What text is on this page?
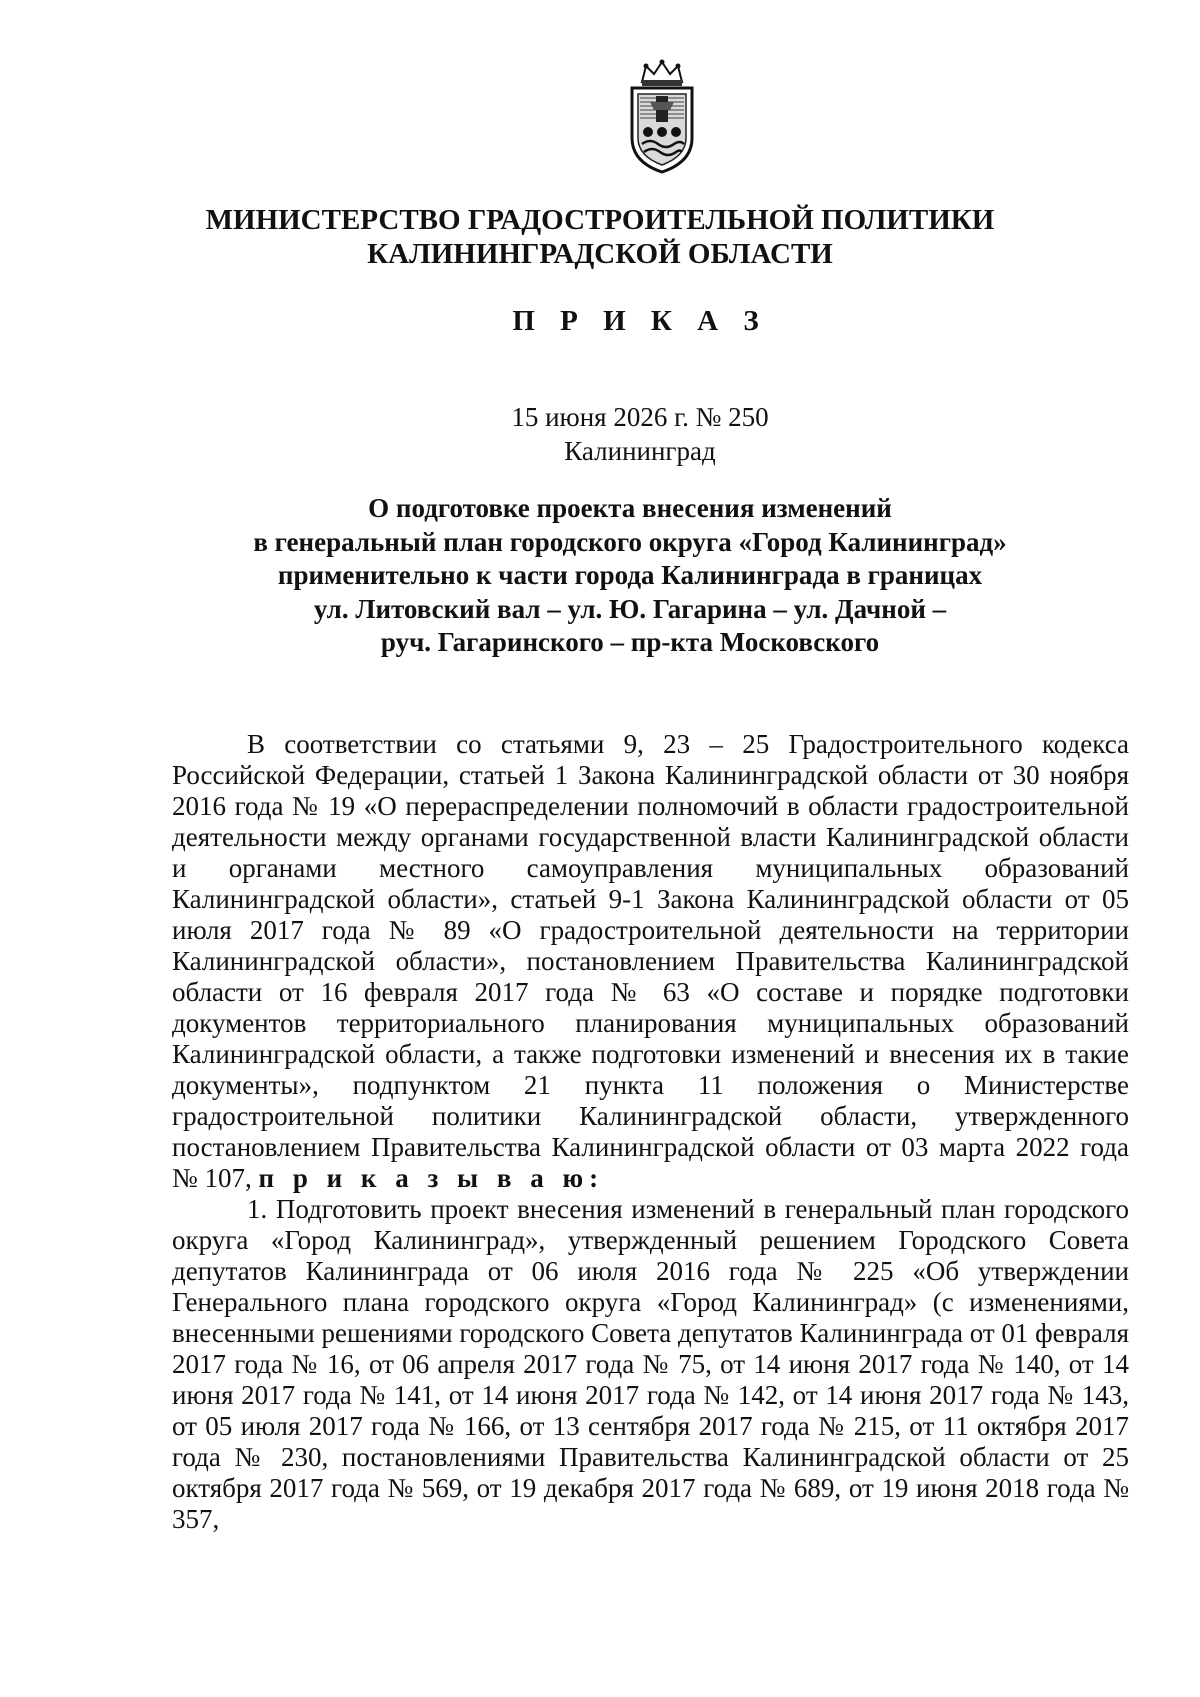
МИНИСТЕРСТВО ГРАДОСТРОИТЕЛЬНОЙ ПОЛИТИКИ
КАЛИНИНГРАДСКОЙ ОБЛАСТИ
П Р И К А З
15 июня 2026 г. № 250
Калининград
О подготовке проекта внесения изменений
в генеральный план городского округа «Город Калининград»
применительно к части города Калининграда в границах
ул. Литовский вал – ул. Ю. Гагарина – ул. Дачной –
руч. Гагаринского – пр-кта Московского

В соответствии со статьями 9, 23 – 25 Градостроительного кодекса Российской Федерации, статьей 1 Закона Калининградской области от 30 ноября 2016 года № 19 «О перераспределении полномочий в области градостроительной деятельности между органами государственной власти Калининградской области и органами местного самоуправления муниципальных образований Калининградской области», статьей 9-1 Закона Калининградской области от 05 июля 2017 года № 89 «О градостроительной деятельности на территории Калининградской области», постановлением Правительства Калининградской области от 16 февраля 2017 года № 63 «О составе и порядке подготовки документов территориального планирования муниципальных образований Калининградской области, а также подготовки изменений и внесения их в такие документы», подпунктом 21 пункта 11 положения о Министерстве градостроительной политики Калининградской области, утвержденного постановлением Правительства Калининградской области от 03 марта 2022 года № 107, п р и к а з ы в а ю:

1. Подготовить проект внесения изменений в генеральный план городского округа «Город Калининград», утвержденный решением Городского Совета депутатов Калининграда от 06 июля 2016 года № 225 «Об утверждении Генерального плана городского округа «Город Калининград» (с изменениями, внесенными решениями городского Совета депутатов Калининграда от 01 февраля 2017 года № 16, от 06 апреля 2017 года № 75, от 14 июня 2017 года № 140, от 14 июня 2017 года № 141, от 14 июня 2017 года № 142, от 14 июня 2017 года № 143, от 05 июля 2017 года № 166, от 13 сентября 2017 года № 215, от 11 октября 2017 года № 230, постановлениями Правительства Калининградской области от 25 октября 2017 года № 569, от 19 декабря 2017 года № 689, от 19 июня 2018 года № 357,
